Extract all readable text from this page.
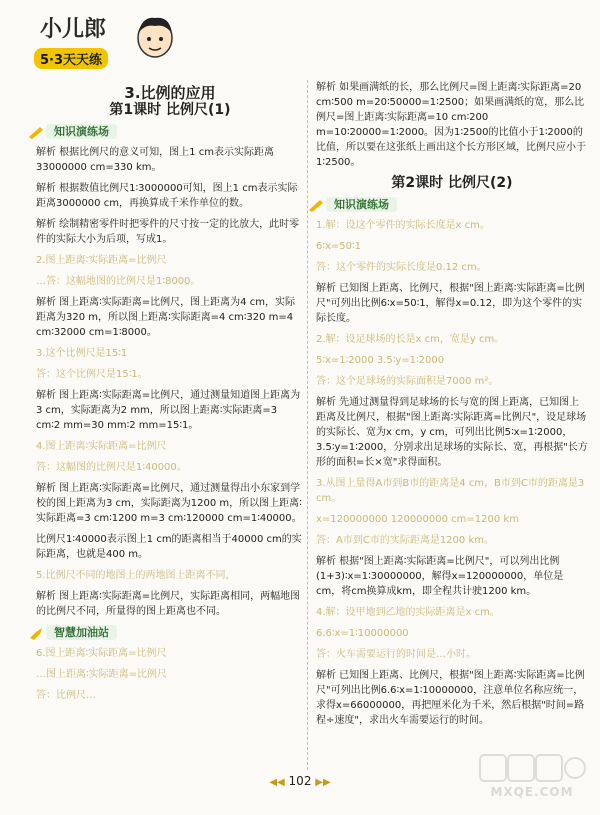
小儿郎
5·3天天练
3.比例的应用
第1课时 比例尺(1)
知识演练场
解析 根据比例尺的意义可知，图上1 cm表示实际距离33000000 cm=330 km。
解析 根据数值比例尺1∶3000000可知，图上1 cm表示实际距离3000000 cm，再换算成千米作单位的数。
解析 绘制精密零件时把零件的尺寸按一定的比放大，此时零件的实际大小为后项，写成1。
2.图上距离∶实际距离=比例尺
…答：这幅地图的比例尺是1∶8000。
解析 图上距离∶实际距离=比例尺，图上距离为4 cm，实际距离为320 m，所以图上距离∶实际距离=4 cm∶320 m=4 cm∶32000 cm=1∶8000。
3.这个比例尺是15∶1
答：这个比例尺是15∶1。
解析 图上距离∶实际距离=比例尺，通过测量知道图上距离为3 cm，实际距离为2 mm，所以图上距离∶实际距离=3 cm∶2 mm=30 mm∶2 mm=15∶1。
4.图上距离∶实际距离=比例尺
答：这幅图的比例尺是1∶40000。
解析 图上距离∶实际距离=比例尺，通过测量得出小东家到学校的图上距离为3 cm，实际距离为1200 m，所以图上距离∶实际距离=3 cm∶1200 m=3 cm∶120000 cm=1∶40000。
比例尺1∶40000表示图上1 cm的距离相当于40000 cm的实际距离，也就是400 m。
5.比例尺不同的地图上的两地图上距离不同，
解析 图上距离∶实际距离=比例尺，实际距离相同，两幅地图的比例尺不同，所量得的图上距离也不同。
智慧加油站
6.图上距离∶实际距离=比例尺
…图上距离∶实际距离=比例尺
答：比例尺…
解析 如果画满纸的长，那么比例尺=图上距离∶实际距离=20 cm∶500 m=20∶50000=1∶2500；如果画满纸的宽，那么比例尺=图上距离∶实际距离=10 cm∶200 m=10∶20000=1∶2000。因为1∶2500的比值小于1∶2000的比值，所以要在这张纸上画出这个长方形区域，比例尺应小于1∶2500。
第2课时 比例尺(2)
知识演练场
1.解：设这个零件的实际长度是x cm。
6∶x=50∶1
答：这个零件的实际长度是0.12 cm。
解析 已知图上距离、比例尺，根据"图上距离∶实际距离=比例尺"可列出比例6∶x=50∶1，解得x=0.12，即为这个零件的实际长度。
2.解：设足球场的长是x cm，宽是y cm。
5∶x=1∶2000 3.5∶y=1∶2000
答：这个足球场的实际面积是7000 m²。
解析 先通过测量得到足球场的长与宽的图上距离，已知图上距离及比例尺，根据"图上距离∶实际距离=比例尺"，设足球场的实际长、宽为x cm，y cm，可列出比例5∶x=1∶2000，3.5∶y=1∶2000，分别求出足球场的实际长、宽，再根据"长方形的面积=长×宽"求得面积。
3.从图上量得A市到B市的距离是4 cm，B市到C市的距离是3 cm。
x=120000000 120000000 cm=1200 km
答：A市到C市的实际距离是1200 km。
解析 根据"图上距离∶实际距离=比例尺"，可以列出比例(1+3)∶x=1∶30000000，解得x=120000000，单位是cm，将cm换算成km，即全程共计驶1200 km。
4.解：设甲地到乙地的实际距离是x cm。
6.6∶x=1∶10000000
答：火车需要运行的时间是…小时。
解析 已知图上距离、比例尺，根据"图上距离∶实际距离=比例尺"可列出比例6.6∶x=1∶10000000，注意单位名称应统一，求得x=66000000，再把厘米化为千米，然后根据"时间=路程÷速度"，求出火车需要运行的时间。
◀◀ 102 ▶▶
MXQE.COM
